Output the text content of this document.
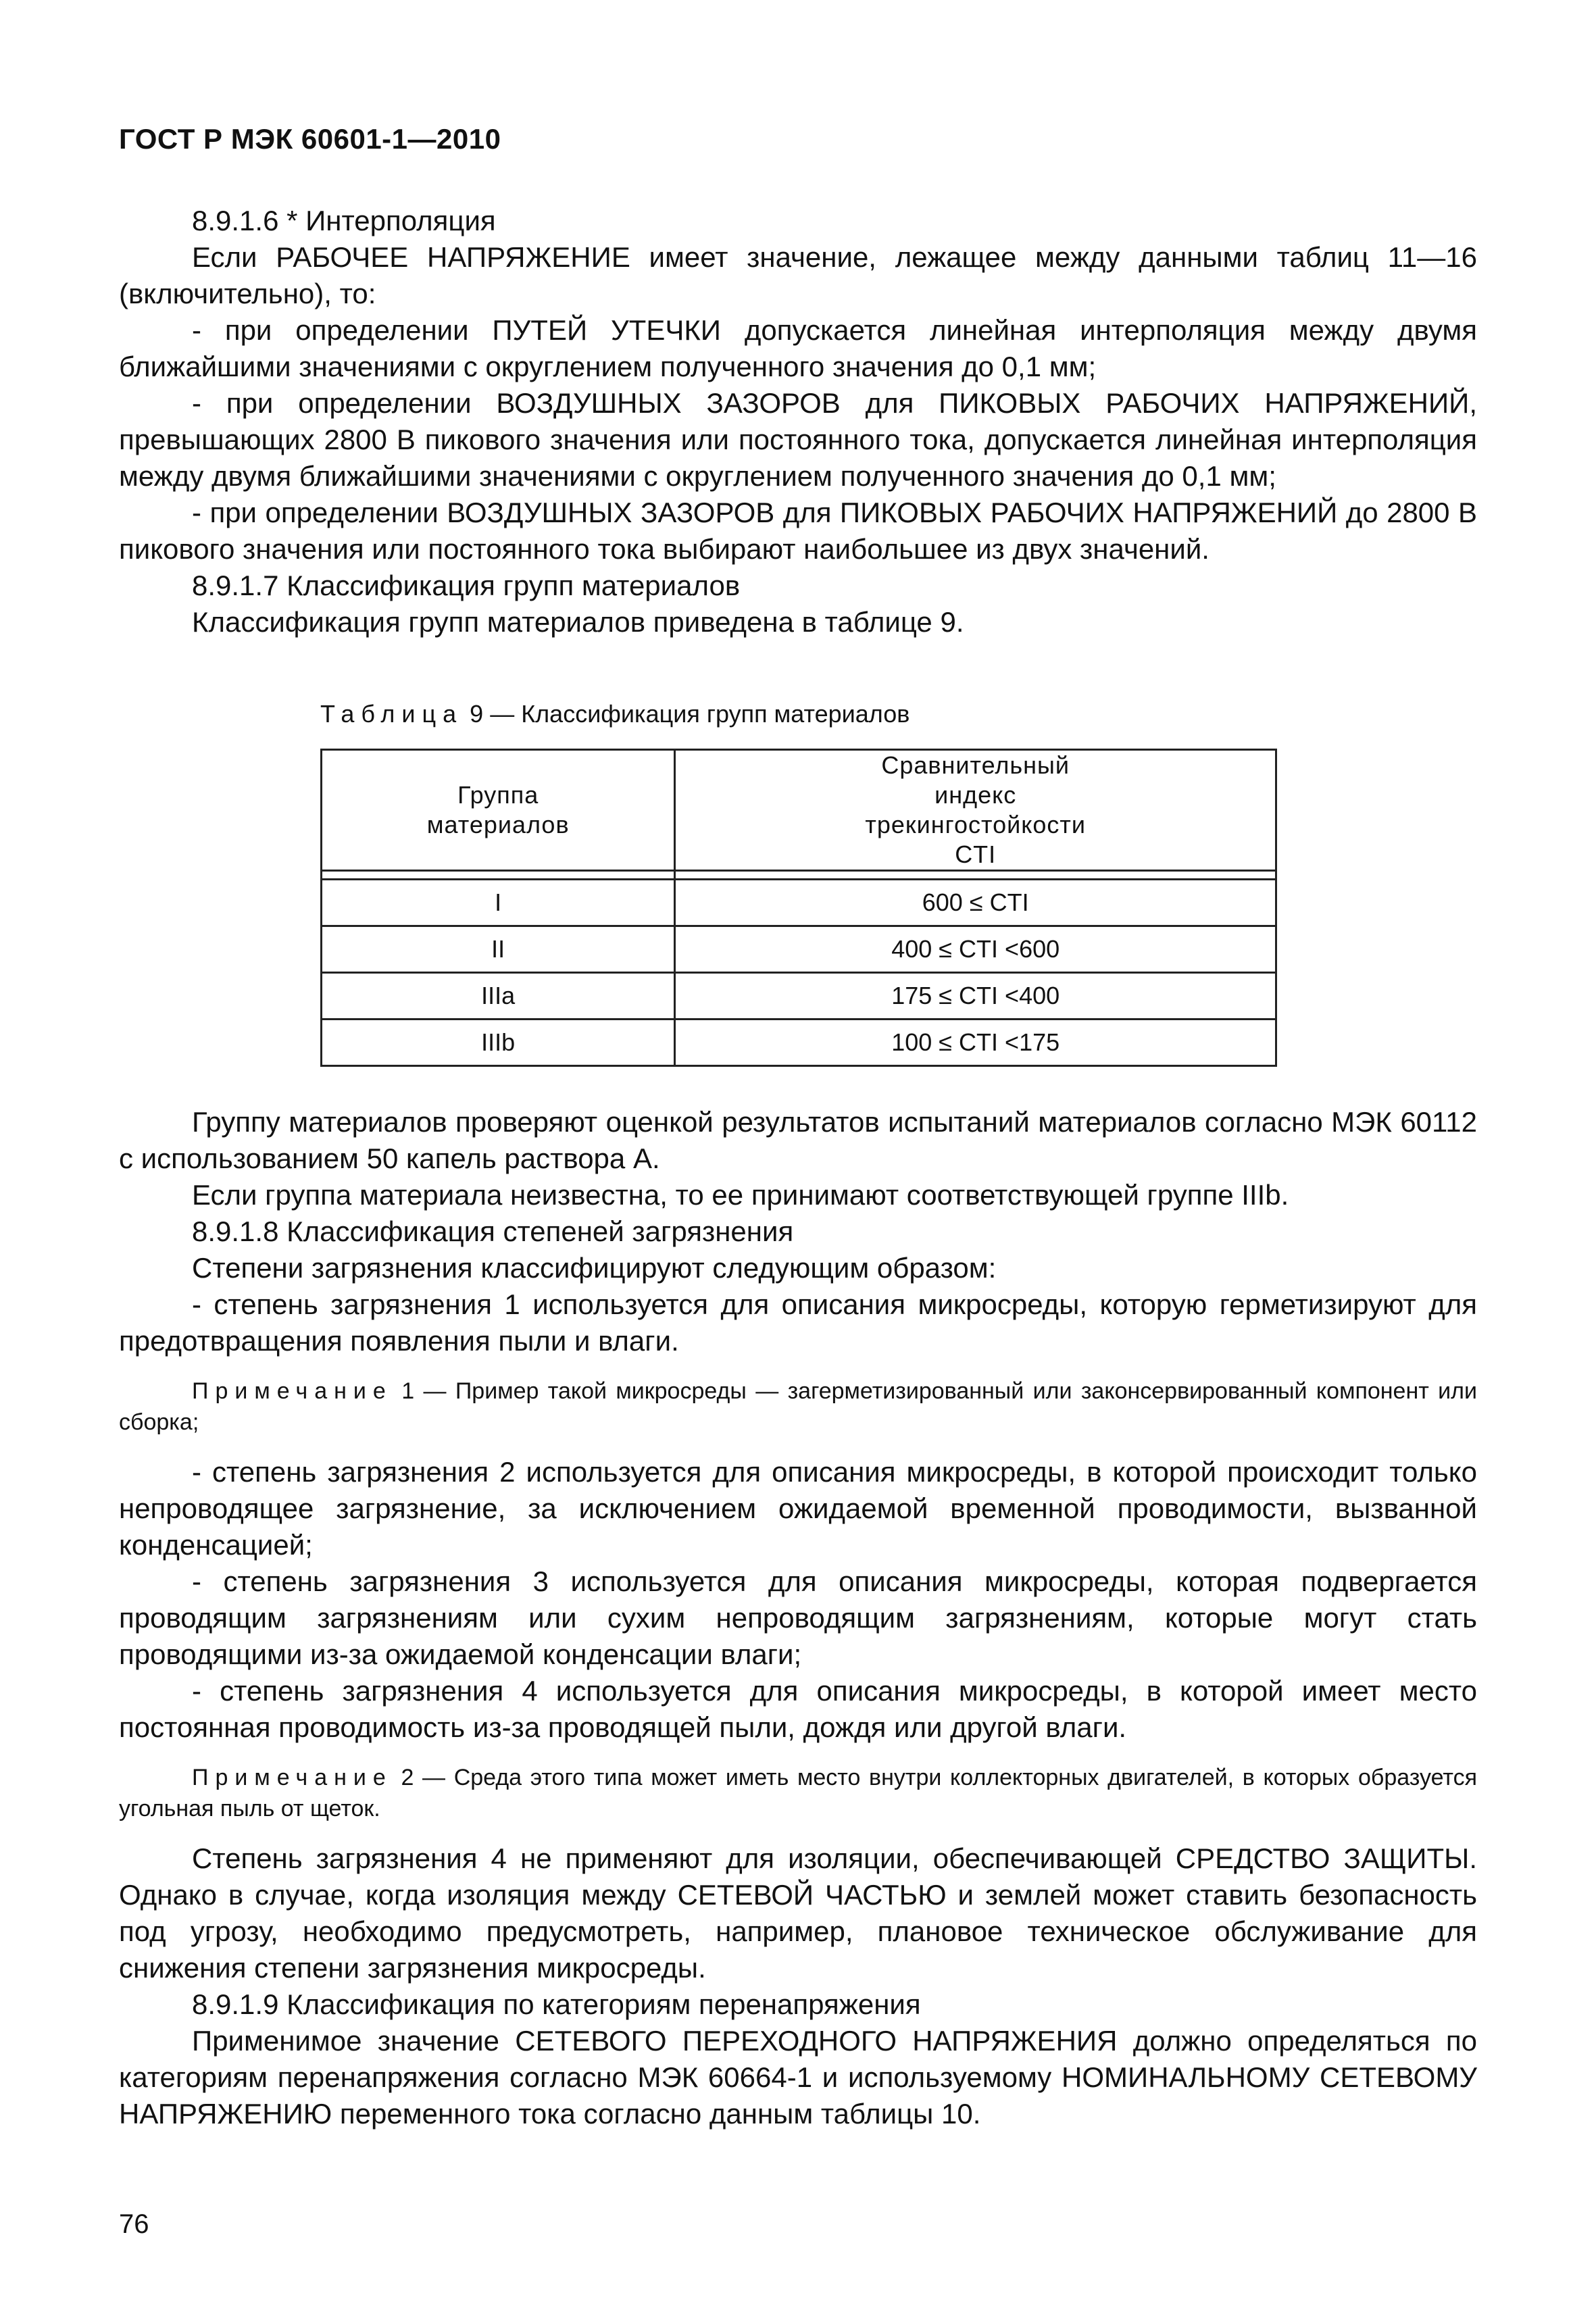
ГОСТ Р МЭК 60601-1—2010

8.9.1.6 * Интерполяция

Если РАБОЧЕЕ НАПРЯЖЕНИЕ имеет значение, лежащее между данными таблиц 11—16 (включительно), то:

- при определении ПУТЕЙ УТЕЧКИ допускается линейная интерполяция между двумя ближайшими значениями с округлением полученного значения до 0,1 мм;

- при определении ВОЗДУШНЫХ ЗАЗОРОВ для ПИКОВЫХ РАБОЧИХ НАПРЯЖЕНИЙ, превышающих 2800 В пикового значения или постоянного тока, допускается линейная интерполяция между двумя ближайшими значениями с округлением полученного значения до 0,1 мм;

- при определении ВОЗДУШНЫХ ЗАЗОРОВ для ПИКОВЫХ РАБОЧИХ НАПРЯЖЕНИЙ до 2800 В пикового значения или постоянного тока выбирают наибольшее из двух значений.

8.9.1.7 Классификация групп материалов

Классификация групп материалов приведена в таблице 9.

Таблица 9 — Классификация групп материалов
Группа материалов	Сравнительный индекс трекингостойкости CTI

I	600 ≤ CTI
II	400 ≤ CTI <600
IIIa	175 ≤ CTI <400
IIIb	100 ≤ CTI <175

Группу материалов проверяют оценкой результатов испытаний материалов согласно МЭК 60112 с использованием 50 капель раствора А.

Если группа материала неизвестна, то ее принимают соответствующей группе IIIb.

8.9.1.8 Классификация степеней загрязнения

Степени загрязнения классифицируют следующим образом:

- степень загрязнения 1 используется для описания микросреды, которую герметизируют для предотвращения появления пыли и влаги.

Примечание 1 — Пример такой микросреды — загерметизированный или законсервированный компонент или сборка;

- степень загрязнения 2 используется для описания микросреды, в которой происходит только непроводящее загрязнение, за исключением ожидаемой временной проводимости, вызванной конденсацией;

- степень загрязнения 3 используется для описания микросреды, которая подвергается проводящим загрязнениям или сухим непроводящим загрязнениям, которые могут стать проводящими из-за ожидаемой конденсации влаги;

- степень загрязнения 4 используется для описания микросреды, в которой имеет место постоянная проводимость из-за проводящей пыли, дождя или другой влаги.

Примечание 2 — Среда этого типа может иметь место внутри коллекторных двигателей, в которых образуется угольная пыль от щеток.

Степень загрязнения 4 не применяют для изоляции, обеспечивающей СРЕДСТВО ЗАЩИТЫ. Однако в случае, когда изоляция между СЕТЕВОЙ ЧАСТЬЮ и землей может ставить безопасность под угрозу, необходимо предусмотреть, например, плановое техническое обслуживание для снижения степени загрязнения микросреды.

8.9.1.9 Классификация по категориям перенапряжения

Применимое значение СЕТЕВОГО ПЕРЕХОДНОГО НАПРЯЖЕНИЯ должно определяться по категориям перенапряжения согласно МЭК 60664-1 и используемому НОМИНАЛЬНОМУ СЕТЕВОМУ НАПРЯЖЕНИЮ переменного тока согласно данным таблицы 10.

76
